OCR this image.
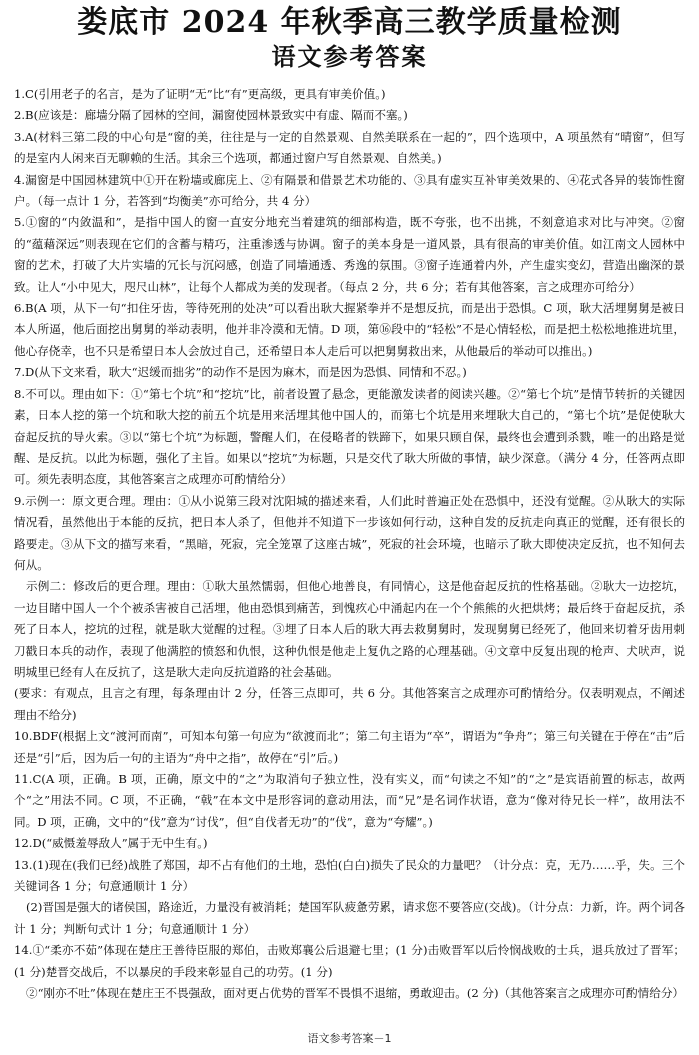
娄底市 2024 年秋季高三教学质量检测
语文参考答案

1.C(引用老子的名言，是为了证明“无”比“有”更高级，更具有审美价值。)

2.B(应该是：廊墙分隔了园林的空间，漏窗使园林景致实中有虚、隔而不塞。)

3.A(材料三第二段的中心句是“窗的美，往往是与一定的自然景观、自然美联系在一起的”，四个选项中，A 项虽然有“晴窗”，但写的是室内人闲来百无聊赖的生活。其余三个选项，都通过窗户写自然景观、自然美。)

4.漏窗是中国园林建筑中①开在粉墙或廊庑上、②有隔景和借景艺术功能的、③具有虚实互补审美效果的、④花式各异的装饰性窗户。（每一点计 1 分，若答到“均衡美”亦可给分，共 4 分）

5.①窗的“内敛温和”，是指中国人的窗一直安分地充当着建筑的细部构造，既不夸张，也不出挑，不刻意追求对比与冲突。②窗的“蕴藉深远”则表现在它们的含蓄与精巧，注重渗透与协调。窗子的美本身是一道风景，具有很高的审美价值。如江南文人园林中窗的艺术，打破了大片实墙的冗长与沉闷感，创造了同墙通透、秀逸的氛围。③窗子连通着内外，产生虚实变幻，营造出幽深的景致。让人“小中见大，咫尺山林”，让每个人都成为美的发现者。（每点 2 分，共 6 分；若有其他答案，言之成理亦可给分）

6.B(A 项，从下一句“扣住牙齿，等待死刑的处决”可以看出耿大握紧拳并不是想反抗，而是出于恐惧。C 项，耿大活埋舅舅是被日本人所逼，他后面挖出舅舅的举动表明，他并非冷漠和无情。D 项，第⑯段中的“轻松”不是心情轻松，而是把土松松地推进坑里，他心存侥幸，也不只是希望日本人会放过自己，还希望日本人走后可以把舅舅救出来，从他最后的举动可以推出。)

7.D(从下文来看，耿大“迟缓而拙劣”的动作不是因为麻木，而是因为恐惧、同情和不忍。)

8.不可以。理由如下：①“第七个坑”和“挖坑”比，前者设置了悬念，更能激发读者的阅读兴趣。②“第七个坑”是情节转折的关键因素，日本人挖的第一个坑和耿大挖的前五个坑是用来活埋其他中国人的，而第七个坑是用来埋耿大自己的，“第七个坑”是促使耿大奋起反抗的导火索。③以“第七个坑”为标题，警醒人们，在侵略者的铁蹄下，如果只顾自保，最终也会遭到杀戮，唯一的出路是觉醒、是反抗。以此为标题，强化了主旨。如果以“挖坑”为标题，只是交代了耿大所做的事情，缺少深意。（满分 4 分，任答两点即可。须先表明态度，其他答案言之成理亦可酌情给分）

9.示例一：原文更合理。理由：①从小说第三段对沈阳城的描述来看，人们此时普遍正处在恐惧中，还没有觉醒。②从耿大的实际情况看，虽然他出于本能的反抗，把日本人杀了，但他并不知道下一步该如何行动，这种自发的反抗走向真正的觉醒，还有很长的路要走。③从下文的描写来看，“黑暗，死寂，完全笼罩了这座古城”，死寂的社会环境，也暗示了耿大即使决定反抗，也不知何去何从。

示例二：修改后的更合理。理由：①耿大虽然懦弱，但他心地善良，有同情心，这是他奋起反抗的性格基础。②耿大一边挖坑，一边目睹中国人一个个被杀害被自己活埋，他由恐惧到痛苦，到愧疚心中涌起内在一个个熊熊的火把烘烤；最后终于奋起反抗，杀死了日本人，挖坑的过程，就是耿大觉醒的过程。③埋了日本人后的耿大再去救舅舅时，发现舅舅已经死了，他回来切着牙齿用刺刀戳日本兵的动作，表现了他满腔的愤怒和仇恨，这种仇恨是他走上复仇之路的心理基础。④文章中反复出现的枪声、犬吠声，说明城里已经有人在反抗了，这是耿大走向反抗道路的社会基础。

(要求：有观点，且言之有理，每条理由计 2 分，任答三点即可，共 6 分。其他答案言之成理亦可酌情给分。仅表明观点，不阐述理由不给分)

10.BDF(根据上文“渡河而南”，可知本句第一句应为“欲渡而北”；第二句主语为“卒”，谓语为“争舟”；第三句关键在于停在“击”后还是“引”后，因为后一句的主语为“舟中之指”，故停在“引”后。)

11.C(A 项，正确。B 项，正确，原文中的“之”为取消句子独立性，没有实义，而“句读之不知”的“之”是宾语前置的标志，故两个“之”用法不同。C 项，不正确，“戟”在本文中是形容词的意动用法，而“兄”是名词作状语，意为“像对待兄长一样”，故用法不同。D 项，正确，文中的“伐”意为“讨伐”，但“自伐者无功”的“伐”，意为“夸耀”。)

12.D(“威慑羞辱敌人”属于无中生有。)

13.(1)现在(我们已经)战胜了郑国，却不占有他们的土地，恐怕(白白)损失了民众的力量吧？（计分点：克，无乃……乎，失。三个关键词各 1 分；句意通顺计 1 分）

(2)晋国是强大的诸侯国，路途近，力量没有被消耗；楚国军队疲惫劳累，请求您不要答应(交战)。（计分点：力新，许。两个词各计 1 分；判断句式计 1 分；句意通顺计 1 分）

14.①“柔亦不茹”体现在楚庄王善待臣服的郑伯，击败郑襄公后退避七里；(1 分)击败晋军以后怜悯战败的士兵，退兵放过了晋军；(1 分)楚晋交战后，不以暴戾的手段来彰显自己的功劳。(1 分)

②“刚亦不吐”体现在楚庄王不畏强敌，面对更占优势的晋军不畏惧不退缩，勇敢迎击。(2 分)（其他答案言之成理亦可酌情给分）

语文参考答案－1
